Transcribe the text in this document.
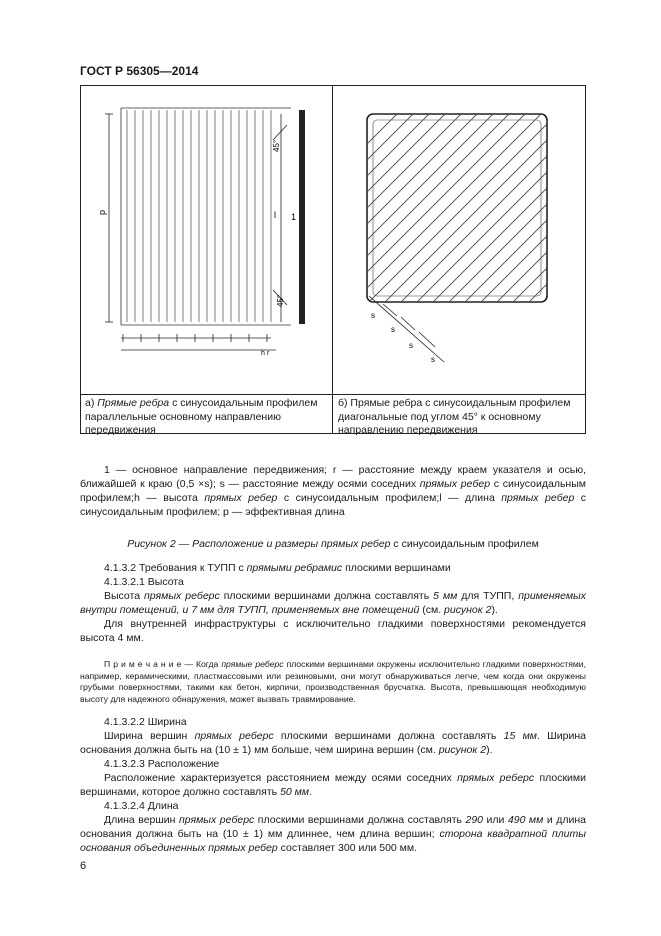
ГОСТ Р 56305—2014
p	l 1
45°
45°
h r
s
s
s
s
а) Прямые ребра с синусоидальным профилем параллельные основному направлению передвижения
б) Прямые ребра с синусоидальным профилем диагональные под углом 45° к основному направлению передвижения

1 — основное направление передвижения; r — расстояние между краем указателя и осью, ближайшей к краю (0,5 ×s); s — расстояние между осями соседних прямых ребер с синусоидальным профилем;h — высота прямых ребер с синусоидальным профилем;l — длина прямых ребер с синусоидальным профилем; p — эффективная длина

Рисунок 2 — Расположение и размеры прямых ребер с синусоидальным профилем

4.1.3.2 Требования к ТУПП с прямыми ребрамис плоскими вершинами

4.1.3.2.1 Высота

Высота прямых реберс плоскими вершинами должна составлять 5 мм для ТУПП, применяемых внутри помещений, и 7 мм для ТУПП, применяемых вне помещений (см. рисунок 2).

Для внутренней инфраструктуры с исключительно гладкими поверхностями рекомендуется высота 4 мм.

П р и м е ч а н и е — Когда прямые реберс плоскими вершинами окружены исключительно гладкими поверхностями, например, керамическими, пластмассовыми или резиновыми, они могут обнаруживаться легче, чем когда они окружены грубыми поверхностями, такими как бетон, кирпичи, производственная брусчатка. Высота, превышающая необходимую высоту для надежного обнаружения, может вызвать травмирование.

4.1.3.2.2 Ширина

Ширина вершин прямых реберс плоскими вершинами должна составлять 15 мм. Ширина основания должна быть на (10 ± 1) мм больше, чем ширина вершин (см. рисунок 2).

4.1.3.2.3 Расположение

Расположение характеризуется расстоянием между осями соседних прямых реберс плоскими вершинами, которое должно составлять 50 мм.

4.1.3.2.4 Длина

Длина вершин прямых реберс плоскими вершинами должна составлять 290 или 490 мм и длина основания должна быть на (10 ± 1) мм длиннее, чем длина вершин; сторона квадратной плиты основания объединенных прямых ребер составляет 300 или 500 мм.

6
